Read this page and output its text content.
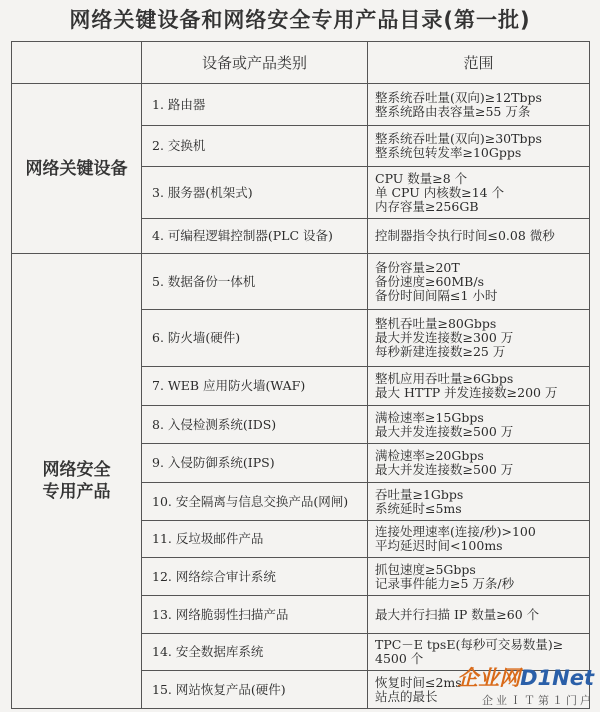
网络关键设备和网络安全专用产品目录(第一批)
	设备或产品类别	范围
网络关键设备	1. 路由器	整系统吞吐量(双向)≥12Tbps
整系统路由表容量≥55 万条
	2. 交换机	整系统吞吐量(双向)≥30Tbps
整系统包转发率≥10Gpps
	3. 服务器(机架式)	CPU 数量≥8 个
单 CPU 内核数≥14 个
内存容量≥256GB
	4. 可编程逻辑控制器(PLC 设备)	控制器指令执行时间≤0.08 微秒
网络安全
专用产品	5. 数据备份一体机	备份容量≥20T
备份速度≥60MB/s
备份时间间隔≤1 小时
	6. 防火墙(硬件)	整机吞吐量≥80Gbps
最大并发连接数≥300 万
每秒新建连接数≥25 万
	7. WEB 应用防火墙(WAF)	整机应用吞吐量≥6Gbps
最大 HTTP 并发连接数≥200 万
	8. 入侵检测系统(IDS)	满检速率≥15Gbps
最大并发连接数≥500 万
	9. 入侵防御系统(IPS)	满检速率≥20Gbps
最大并发连接数≥500 万
	10. 安全隔离与信息交换产品(网闸)	吞吐量≥1Gbps
系统延时≤5ms
	11. 反垃圾邮件产品	连接处理速率(连接/秒)>100
平均延迟时间<100ms
	12. 网络综合审计系统	抓包速度≥5Gbps
记录事件能力≥5 万条/秒
	13. 网络脆弱性扫描产品	最大并行扫描 IP 数量≥60 个
	14. 安全数据库系统	TPC－E tpsE(每秒可交易数量)≥
4500 个
	15. 网站恢复产品(硬件)	恢复时间≤2ms
站点的最长
企业网D1Net
企业ＩＴ第１门户
